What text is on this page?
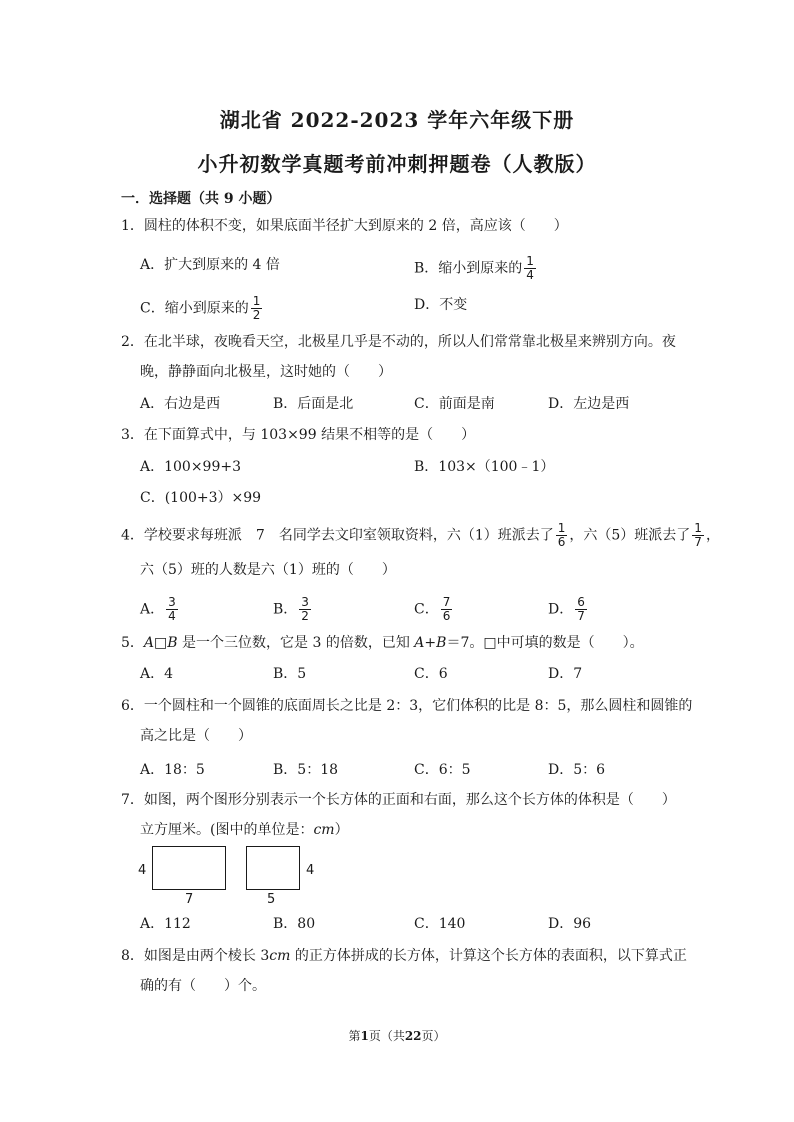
湖北省 2022-2023 学年六年级下册
小升初数学真题考前冲刺押题卷（人教版）
一．选择题（共 9 小题）
1．圆柱的体积不变，如果底面半径扩大到原来的 2 倍，高应该（　　）
A．扩大到原来的 4 倍	B．缩小到原来的 $\frac{1}{4}$
C．缩小到原来的 $\frac{1}{2}$	D．不变
2．在北半球，夜晚看天空，北极星几乎是不动的，所以人们常常靠北极星来辨别方向。夜
晚，静静面向北极星，这时她的（　　）
A．右边是西	B．后面是北	C．前面是南	D．左边是西
3．在下面算式中，与 103×99 结果不相等的是（　　）
A．100×99+3	B．103×（100﹣1）
C．(100+3）×99
4．学校要求每班派　7　名同学去文印室领取资料，六（1）班派去了 $\frac{1}{6}$ ，六（5）班派去了 $\frac{1}{7}$ ，
六（5）班的人数是六（1）班的（　　）
A． $\frac{3}{4}$	B． $\frac{3}{2}$	C． $\frac{7}{6}$	D． $\frac{6}{7}$
5．A□B 是一个三位数，它是 3 的倍数，已知 A+B＝7。□中可填的数是（　　）。
A．4	B．5	C．6	D．7
6．一个圆柱和一个圆锥的底面周长之比是 2：3，它们体积的比是 8：5，那么圆柱和圆锥的
高之比是（　　）
A．18：5	B．5：18	C．6：5	D．5：6
7．如图，两个图形分别表示一个长方体的正面和右面，那么这个长方体的体积是（　　）
立方厘米。(图中的单位是：cm）
4
7	5
4
A．112	B．80	C．140	D．96
8．如图是由两个棱长 3cm 的正方体拼成的长方体，计算这个长方体的表面积，以下算式正
确的有（　　）个。
第1页（共22页）
